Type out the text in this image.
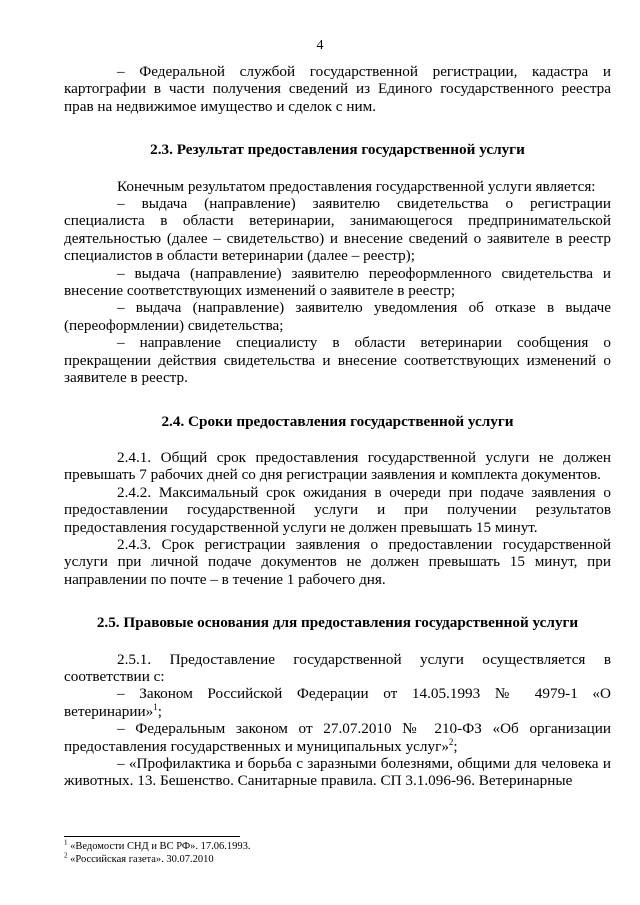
4

– Федеральной службой государственной регистрации, кадастра и картографии в части получения сведений из Единого государственного реестра прав на недвижимое имущество и сделок с ним.

2.3. Результат предоставления государственной услуги

Конечным результатом предоставления государственной услуги является:

– выдача (направление) заявителю свидетельства о регистрации специалиста в области ветеринарии, занимающегося предпринимательской деятельностью (далее – свидетельство) и внесение сведений о заявителе в реестр специалистов в области ветеринарии (далее – реестр);

– выдача (направление) заявителю переоформленного свидетельства и внесение соответствующих изменений о заявителе в реестр;

– выдача (направление) заявителю уведомления об отказе в выдаче (переоформлении) свидетельства;

– направление специалисту в области ветеринарии сообщения о прекращении действия свидетельства и внесение соответствующих изменений о заявителе в реестр.

2.4. Сроки предоставления государственной услуги

2.4.1. Общий срок предоставления государственной услуги не должен превышать 7 рабочих дней со дня регистрации заявления и комплекта документов.

2.4.2. Максимальный срок ожидания в очереди при подаче заявления о предоставлении государственной услуги и при получении результатов предоставления государственной услуги не должен превышать 15 минут.

2.4.3. Срок регистрации заявления о предоставлении государственной услуги при личной подаче документов не должен превышать 15 минут, при направлении по почте – в течение 1 рабочего дня.

2.5. Правовые основания для предоставления государственной услуги

2.5.1. Предоставление государственной услуги осуществляется в соответствии с:

– Законом Российской Федерации от 14.05.1993 № 4979-1 «О ветеринарии»$^1$;

– Федеральным законом от 27.07.2010 № 210-ФЗ «Об организации предоставления государственных и муниципальных услуг»$^2$;

– «Профилактика и борьба с заразными болезнями, общими для человека и животных. 13. Бешенство. Санитарные правила. СП 3.1.096-96. Ветеринарные

$^1$ «Ведомости СНД и ВС РФ». 17.06.1993.
$^2$ «Российская газета». 30.07.2010
